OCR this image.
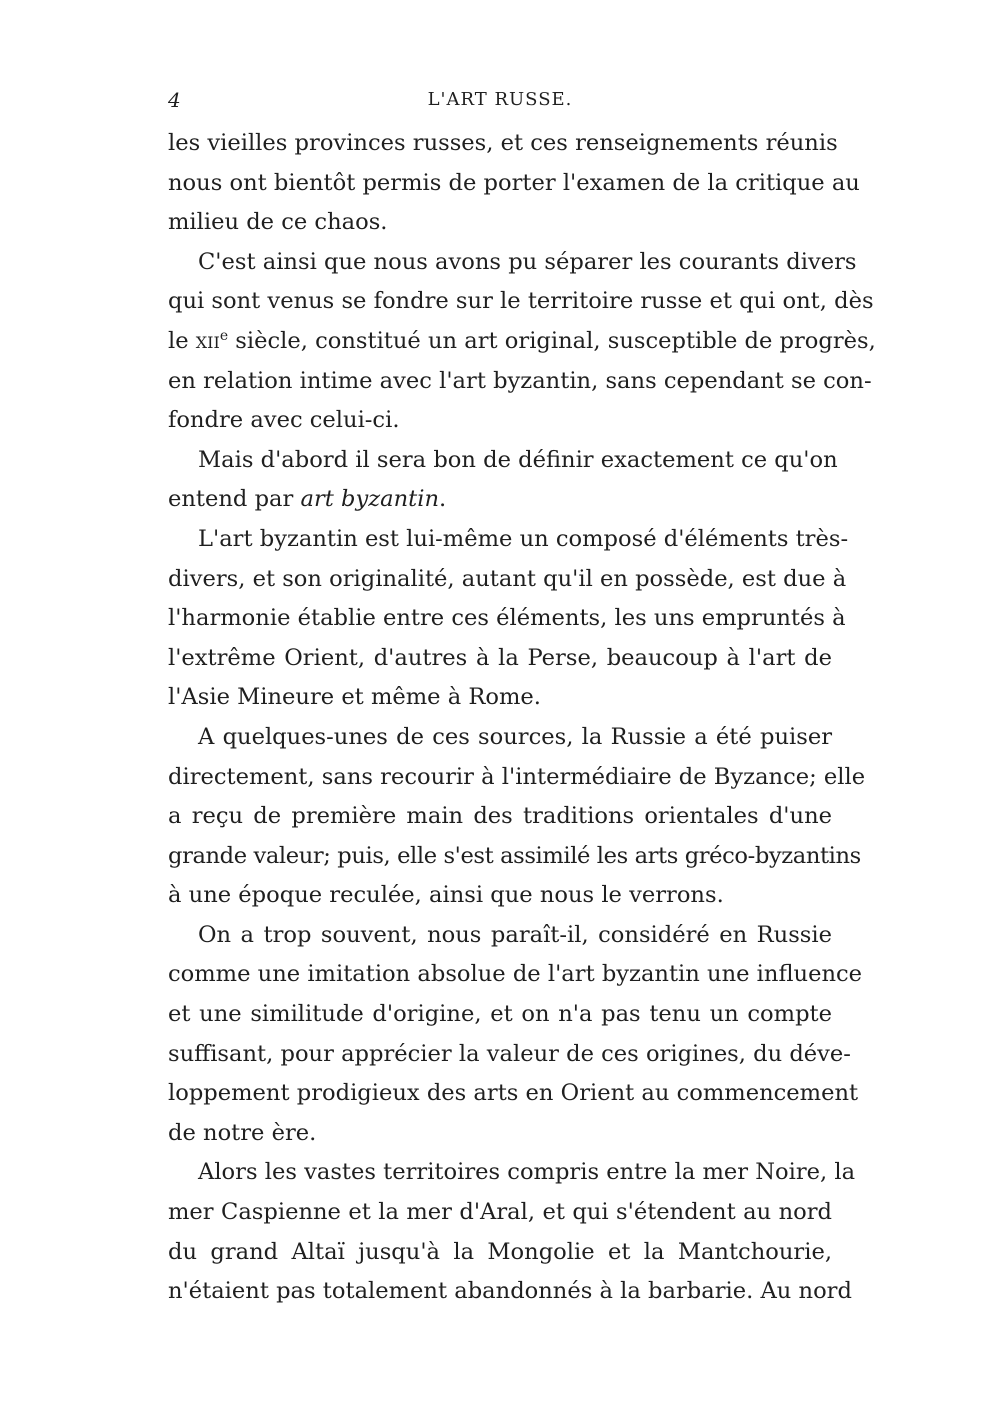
4	L'ART RUSSE.
les vieilles provinces russes, et ces renseignements réunis
nous ont bientôt permis de porter l'examen de la critique au
milieu de ce chaos.
C'est ainsi que nous avons pu séparer les courants divers
qui sont venus se fondre sur le territoire russe et qui ont, dès
le xii$^e$ siècle, constitué un art original, susceptible de progrès,
en relation intime avec l'art byzantin, sans cependant se con-
fondre avec celui-ci.
Mais d'abord il sera bon de définir exactement ce qu'on
entend par art byzantin.
L'art byzantin est lui-même un composé d'éléments très-
divers, et son originalité, autant qu'il en possède, est due à
l'harmonie établie entre ces éléments, les uns empruntés à
l'extrême Orient, d'autres à la Perse, beaucoup à l'art de
l'Asie Mineure et même à Rome.
A quelques-unes de ces sources, la Russie a été puiser
directement, sans recourir à l'intermédiaire de Byzance; elle
a reçu de première main des traditions orientales d'une
grande valeur; puis, elle s'est assimilé les arts gréco-byzantins
à une époque reculée, ainsi que nous le verrons.
On a trop souvent, nous paraît-il, considéré en Russie
comme une imitation absolue de l'art byzantin une influence
et une similitude d'origine, et on n'a pas tenu un compte
suffisant, pour apprécier la valeur de ces origines, du déve-
loppement prodigieux des arts en Orient au commencement
de notre ère.
Alors les vastes territoires compris entre la mer Noire, la
mer Caspienne et la mer d'Aral, et qui s'étendent au nord
du grand Altaï jusqu'à la Mongolie et la Mantchourie,
n'étaient pas totalement abandonnés à la barbarie. Au nord
